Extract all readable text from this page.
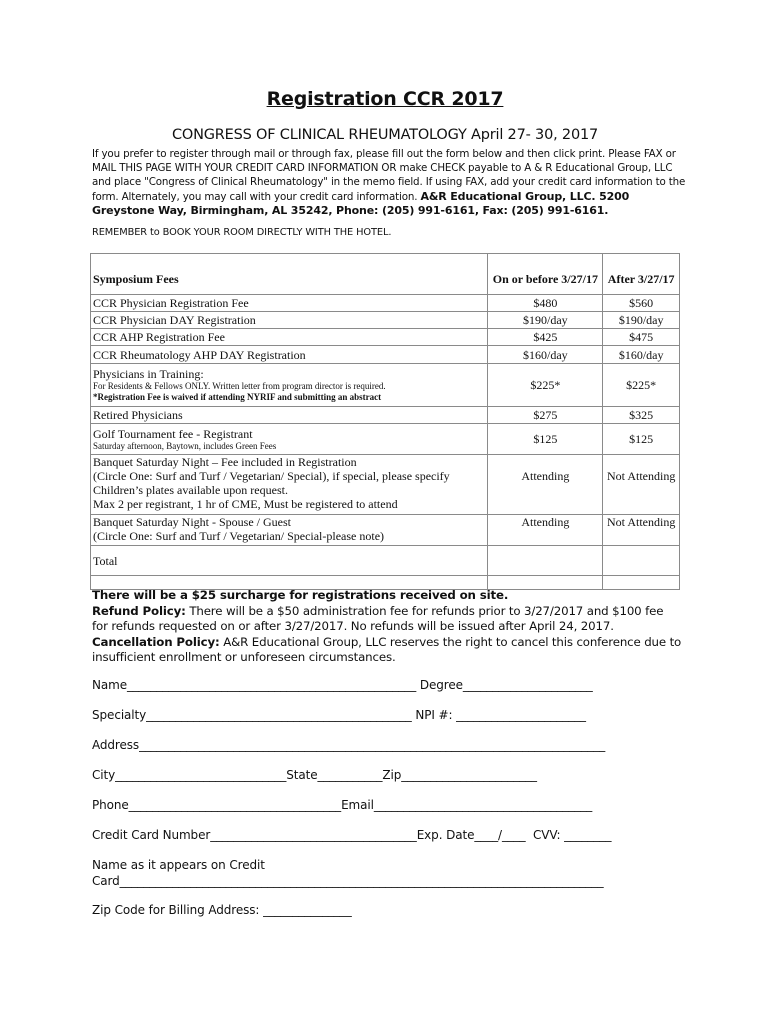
Registration CCR 2017
CONGRESS OF CLINICAL RHEUMATOLOGY April 27- 30, 2017
If you prefer to register through mail or through fax, please fill out the form below and then click print. Please FAX or MAIL THIS PAGE WITH YOUR CREDIT CARD INFORMATION OR make CHECK payable to A & R Educational Group, LLC and place "Congress of Clinical Rheumatology" in the memo field. If using FAX, add your credit card information to the form. Alternately, you may call with your credit card information. A&R Educational Group, LLC. 5200 Greystone Way, Birmingham, AL 35242, Phone: (205) 991-6161, Fax: (205) 991-6161.
REMEMBER to BOOK YOUR ROOM DIRECTLY WITH THE HOTEL.
Symposium Fees	On or before 3/27/17	After 3/27/17
CCR Physician Registration Fee	$480	$560
CCR Physician DAY Registration	$190/day	$190/day
CCR AHP Registration Fee	$425	$475
CCR Rheumatology AHP DAY Registration	$160/day	$160/day

Physicians in Training:
For Residents & Fellows ONLY. Written letter from program director is required.
*Registration Fee is waived if attending NYRIF and submitting an abstract	$225*	$225*
Retired Physicians	$275	$325

Golf Tournament fee - Registrant
Saturday afternoon, Baytown, includes Green Fees	$125	$125

Banquet Saturday Night – Fee included in Registration
(Circle One: Surf and Turf / Vegetarian/ Special), if special, please specify
Children’s plates available upon request.
Max 2 per registrant, 1 hr of CME, Must be registered to attend	Attending	Not Attending

Banquet Saturday Night - Spouse / Guest
(Circle One: Surf and Turf / Vegetarian/ Special-please note)	Attending	Not Attending
Total		

There will be a $25 surcharge for registrations received on site.
Refund Policy: There will be a $50 administration fee for refunds prior to 3/27/2017 and $100 fee for refunds requested on or after 3/27/2017. No refunds will be issued after April 24, 2017.
Cancellation Policy: A&R Educational Group, LLC reserves the right to cancel this conference due to insufficient enrollment or unforeseen circumstances.
Name_________________________________________________ Degree______________________
Specialty_____________________________________________ NPI #: ______________________
Address_______________________________________________________________________________
City_____________________________State___________Zip_______________________
Phone____________________________________Email_____________________________________
Credit Card Number___________________________________Exp. Date____/____  CVV: ________
Name as it appears on Credit
Card__________________________________________________________________________________
Zip Code for Billing Address: _______________
